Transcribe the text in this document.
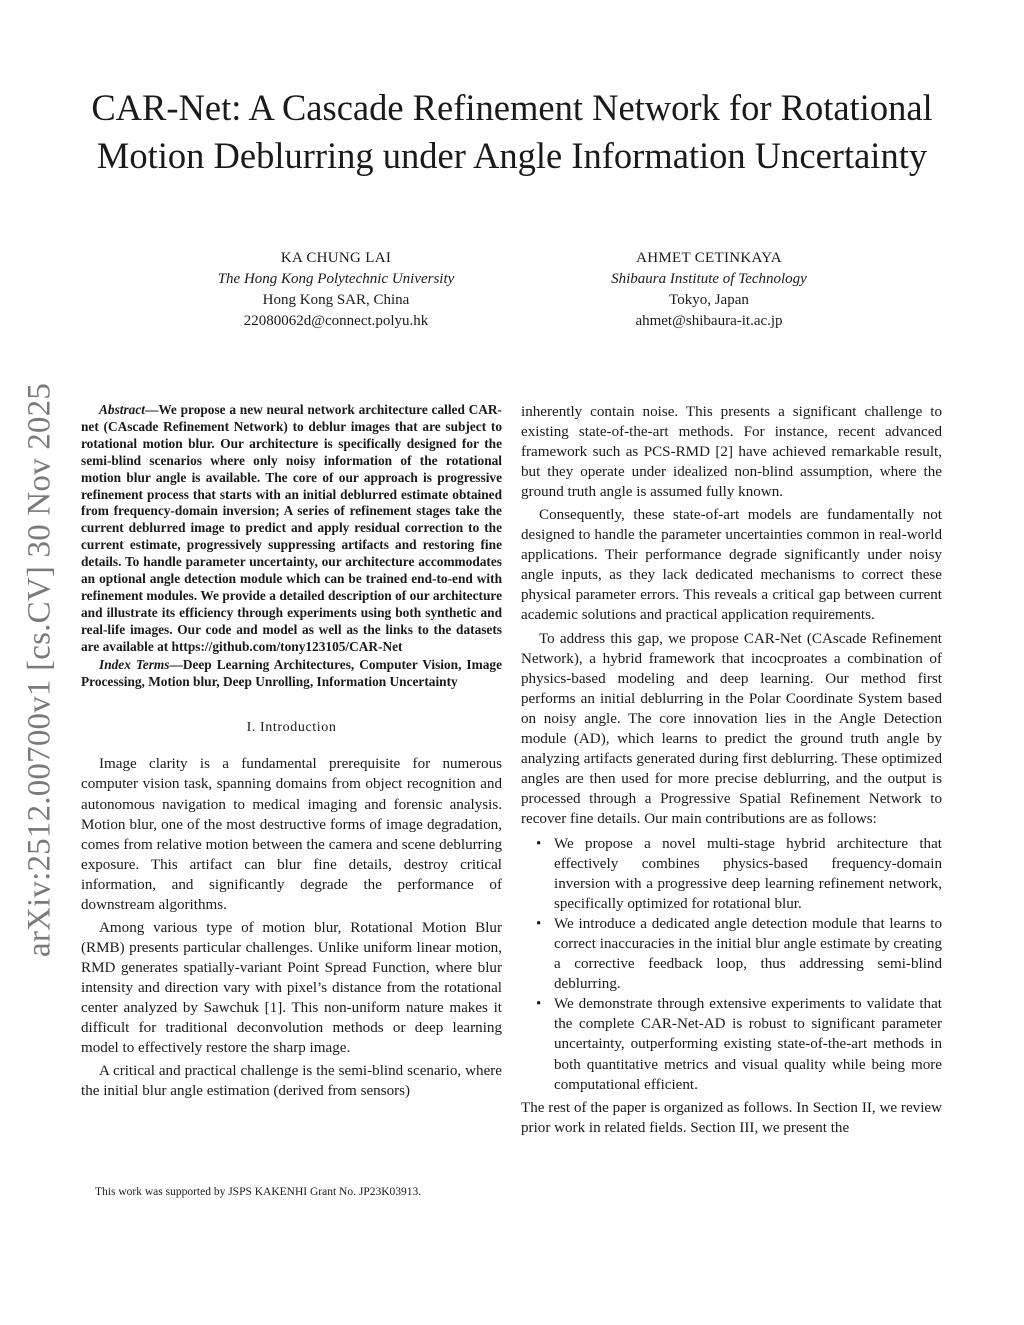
CAR-Net: A Cascade Refinement Network for Rotational Motion Deblurring under Angle Information Uncertainty
KA CHUNG LAI
The Hong Kong Polytechnic University
Hong Kong SAR, China
22080062d@connect.polyu.hk
AHMET CETINKAYA
Shibaura Institute of Technology
Tokyo, Japan
ahmet@shibaura-it.ac.jp
arXiv:2512.00700v1 [cs.CV] 30 Nov 2025	Abstract—We propose a new neural network architecture called CAR-net (CAscade Refinement Network) to deblur images that are subject to rotational motion blur. Our architecture is specifically designed for the semi-blind scenarios where only noisy information of the rotational motion blur angle is available. The core of our approach is progressive refinement process that starts with an initial deblurred estimate obtained from frequency-domain inversion; A series of refinement stages take the current deblurred image to predict and apply residual correction to the current estimate, progressively suppressing artifacts and restoring fine details. To handle parameter uncertainty, our architecture accommodates an optional angle detection module which can be trained end-to-end with refinement modules. We provide a detailed description of our architecture and illustrate its efficiency through experiments using both synthetic and real-life images. Our code and model as well as the links to the datasets are available at https://github.com/tony123105/CAR-Net

Index Terms—Deep Learning Architectures, Computer Vision, Image Processing, Motion blur, Deep Unrolling, Information Uncertainty

I. Introduction

Image clarity is a fundamental prerequisite for numerous computer vision task, spanning domains from object recognition and autonomous navigation to medical imaging and forensic analysis. Motion blur, one of the most destructive forms of image degradation, comes from relative motion between the camera and scene deblurring exposure. This artifact can blur fine details, destroy critical information, and significantly degrade the performance of downstream algorithms.

Among various type of motion blur, Rotational Motion Blur (RMB) presents particular challenges. Unlike uniform linear motion, RMD generates spatially-variant Point Spread Function, where blur intensity and direction vary with pixel’s distance from the rotational center analyzed by Sawchuk [1]. This non-uniform nature makes it difficult for traditional deconvolution methods or deep learning model to effectively restore the sharp image.

A critical and practical challenge is the semi-blind scenario, where the initial blur angle estimation (derived from sensors)

This work was supported by JSPS KAKENHI Grant No. JP23K03913.

inherently contain noise. This presents a significant challenge to existing state-of-the-art methods. For instance, recent advanced framework such as PCS-RMD [2] have achieved remarkable result, but they operate under idealized non-blind assumption, where the ground truth angle is assumed fully known.

Consequently, these state-of-art models are fundamentally not designed to handle the parameter uncertainties common in real-world applications. Their performance degrade significantly under noisy angle inputs, as they lack dedicated mechanisms to correct these physical parameter errors. This reveals a critical gap between current academic solutions and practical application requirements.

To address this gap, we propose CAR-Net (CAscade Refinement Network), a hybrid framework that incocproates a combination of physics-based modeling and deep learning. Our method first performs an initial deblurring in the Polar Coordinate System based on noisy angle. The core innovation lies in the Angle Detection module (AD), which learns to predict the ground truth angle by analyzing artifacts generated during first deblurring. These optimized angles are then used for more precise deblurring, and the output is processed through a Progressive Spatial Refinement Network to recover fine details. Our main contributions are as follows:

• We propose a novel multi-stage hybrid architecture that effectively combines physics-based frequency-domain inversion with a progressive deep learning refinement network, specifically optimized for rotational blur.
• We introduce a dedicated angle detection module that learns to correct inaccuracies in the initial blur angle estimate by creating a corrective feedback loop, thus addressing semi-blind deblurring.
• We demonstrate through extensive experiments to validate that the complete CAR-Net-AD is robust to significant parameter uncertainty, outperforming existing state-of-the-art methods in both quantitative metrics and visual quality while being more computational efficient.

The rest of the paper is organized as follows. In Section II, we review prior work in related fields. Section III, we present the
